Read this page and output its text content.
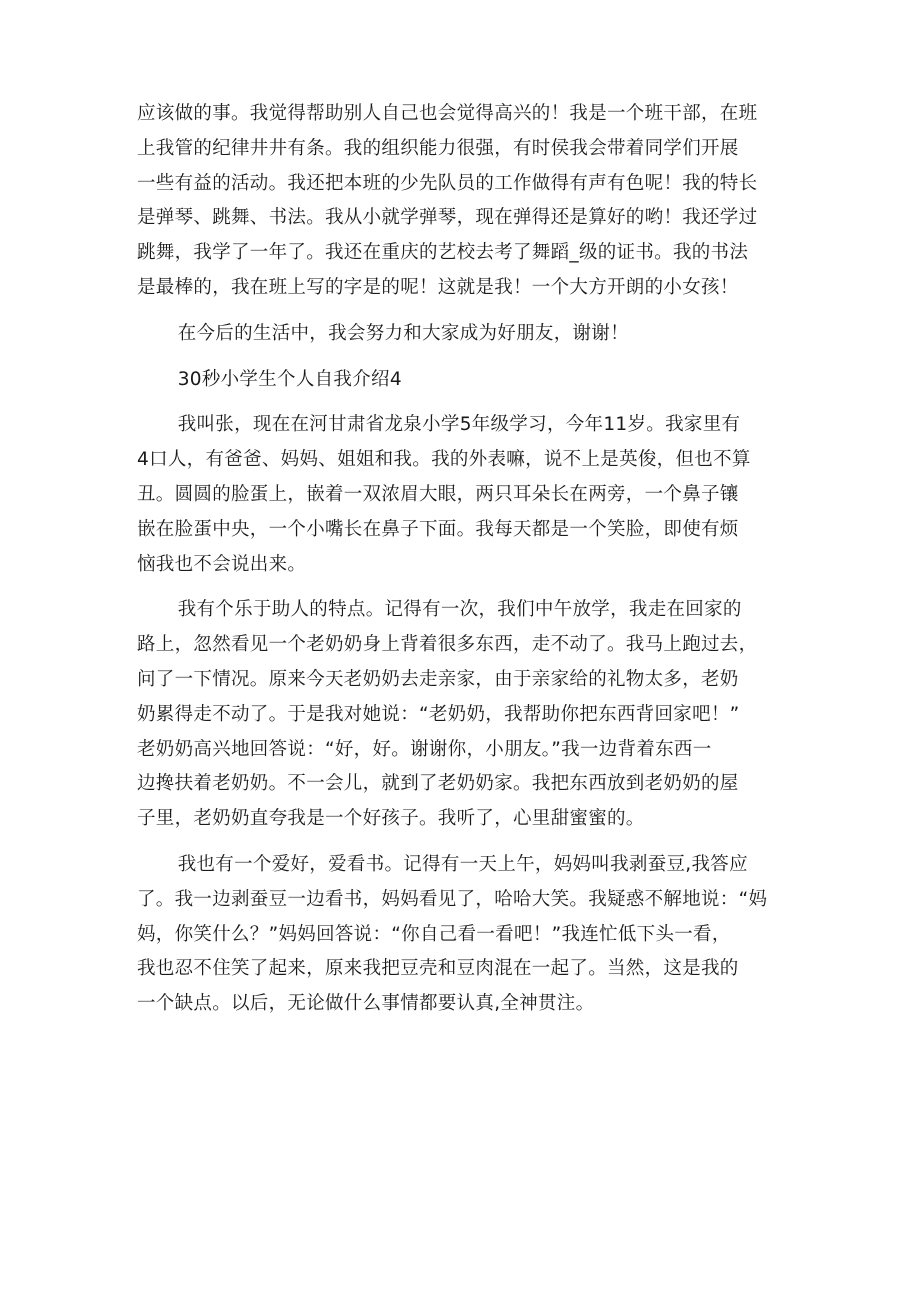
应该做的事。我觉得帮助别人自己也会觉得高兴的！我是一个班干部，在班
上我管的纪律井井有条。我的组织能力很强，有时侯我会带着同学们开展
一些有益的活动。我还把本班的少先队员的工作做得有声有色呢！我的特长
是弹琴、跳舞、书法。我从小就学弹琴，现在弹得还是算好的哟！我还学过
跳舞，我学了一年了。我还在重庆的艺校去考了舞蹈_级的证书。我的书法
是最棒的，我在班上写的字是的呢！这就是我！一个大方开朗的小女孩！
在今后的生活中，我会努力和大家成为好朋友，谢谢！
30秒小学生个人自我介绍4
我叫张，现在在河甘肃省龙泉小学5年级学习，今年11岁。我家里有
4口人，有爸爸、妈妈、姐姐和我。我的外表嘛，说不上是英俊，但也不算
丑。圆圆的脸蛋上，嵌着一双浓眉大眼，两只耳朵长在两旁，一个鼻子镶
嵌在脸蛋中央，一个小嘴长在鼻子下面。我每天都是一个笑脸，即使有烦
恼我也不会说出来。
我有个乐于助人的特点。记得有一次，我们中午放学，我走在回家的
路上，忽然看见一个老奶奶身上背着很多东西，走不动了。我马上跑过去，
问了一下情况。原来今天老奶奶去走亲家，由于亲家给的礼物太多，老奶
奶累得走不动了。于是我对她说：“老奶奶，我帮助你把东西背回家吧！”
老奶奶高兴地回答说：“好，好。谢谢你，小朋友。”我一边背着东西一
边搀扶着老奶奶。不一会儿，就到了老奶奶家。我把东西放到老奶奶的屋
子里，老奶奶直夸我是一个好孩子。我听了，心里甜蜜蜜的。
我也有一个爱好，爱看书。记得有一天上午，妈妈叫我剥蚕豆,我答应
了。我一边剥蚕豆一边看书，妈妈看见了，哈哈大笑。我疑惑不解地说：“妈
妈，你笑什么？”妈妈回答说：“你自己看一看吧！”我连忙低下头一看，
我也忍不住笑了起来，原来我把豆壳和豆肉混在一起了。当然，这是我的
一个缺点。以后，无论做什么事情都要认真,全神贯注。
